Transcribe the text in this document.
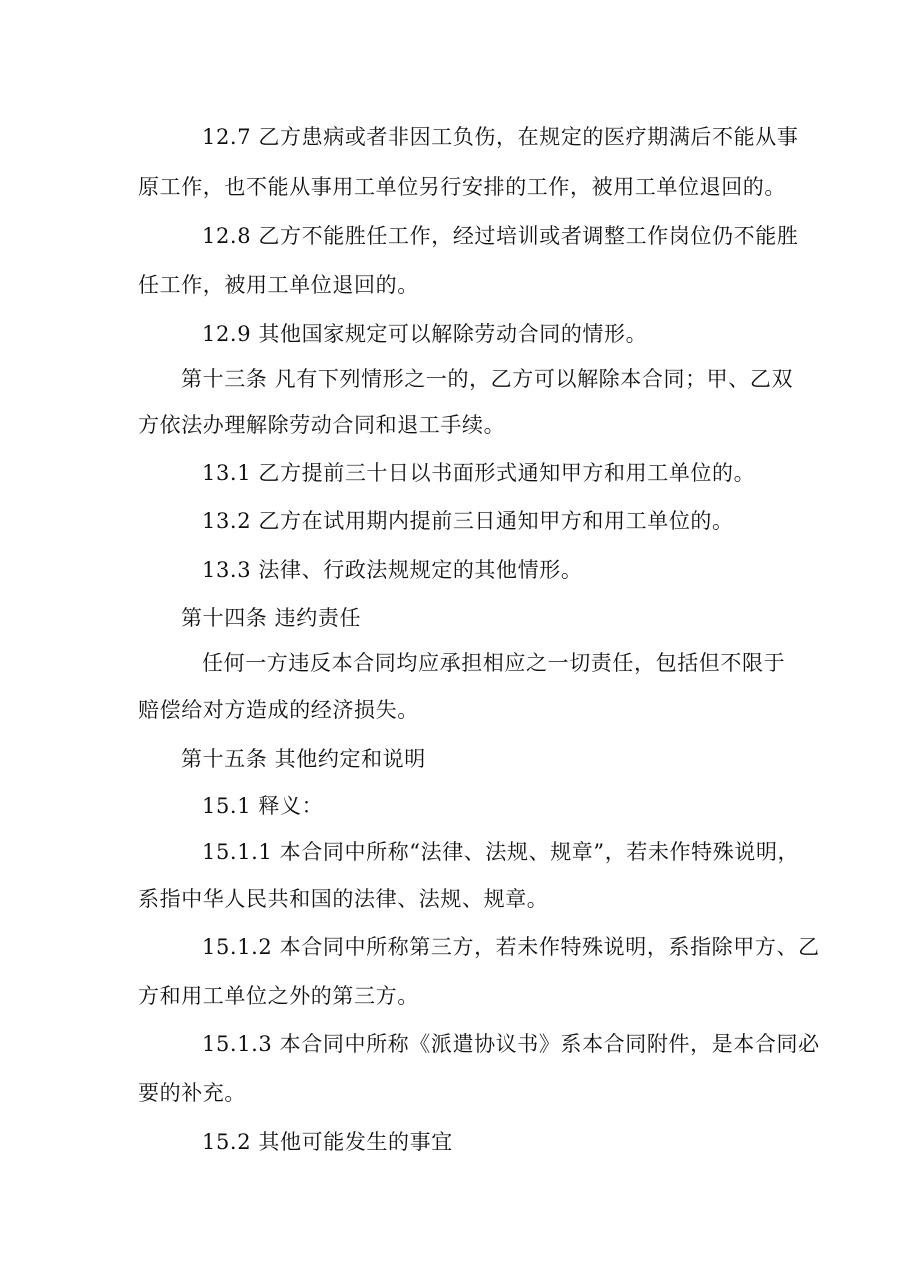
12.7 乙方患病或者非因工负伤，在规定的医疗期满后不能从事
原工作，也不能从事用工单位另行安排的工作，被用工单位退回的。
12.8 乙方不能胜任工作，经过培训或者调整工作岗位仍不能胜
任工作，被用工单位退回的。
12.9 其他国家规定可以解除劳动合同的情形。
第十三条 凡有下列情形之一的，乙方可以解除本合同；甲、乙双
方依法办理解除劳动合同和退工手续。
13.1 乙方提前三十日以书面形式通知甲方和用工单位的。
13.2 乙方在试用期内提前三日通知甲方和用工单位的。
13.3 法律、行政法规规定的其他情形。
第十四条 违约责任
任何一方违反本合同均应承担相应之一切责任，包括但不限于
赔偿给对方造成的经济损失。
第十五条 其他约定和说明
15.1 释义：
15.1.1 本合同中所称“法律、法规、规章”，若未作特殊说明，
系指中华人民共和国的法律、法规、规章。
15.1.2 本合同中所称第三方，若未作特殊说明，系指除甲方、乙
方和用工单位之外的第三方。
15.1.3 本合同中所称《派遣协议书》系本合同附件，是本合同必
要的补充。
15.2 其他可能发生的事宜
